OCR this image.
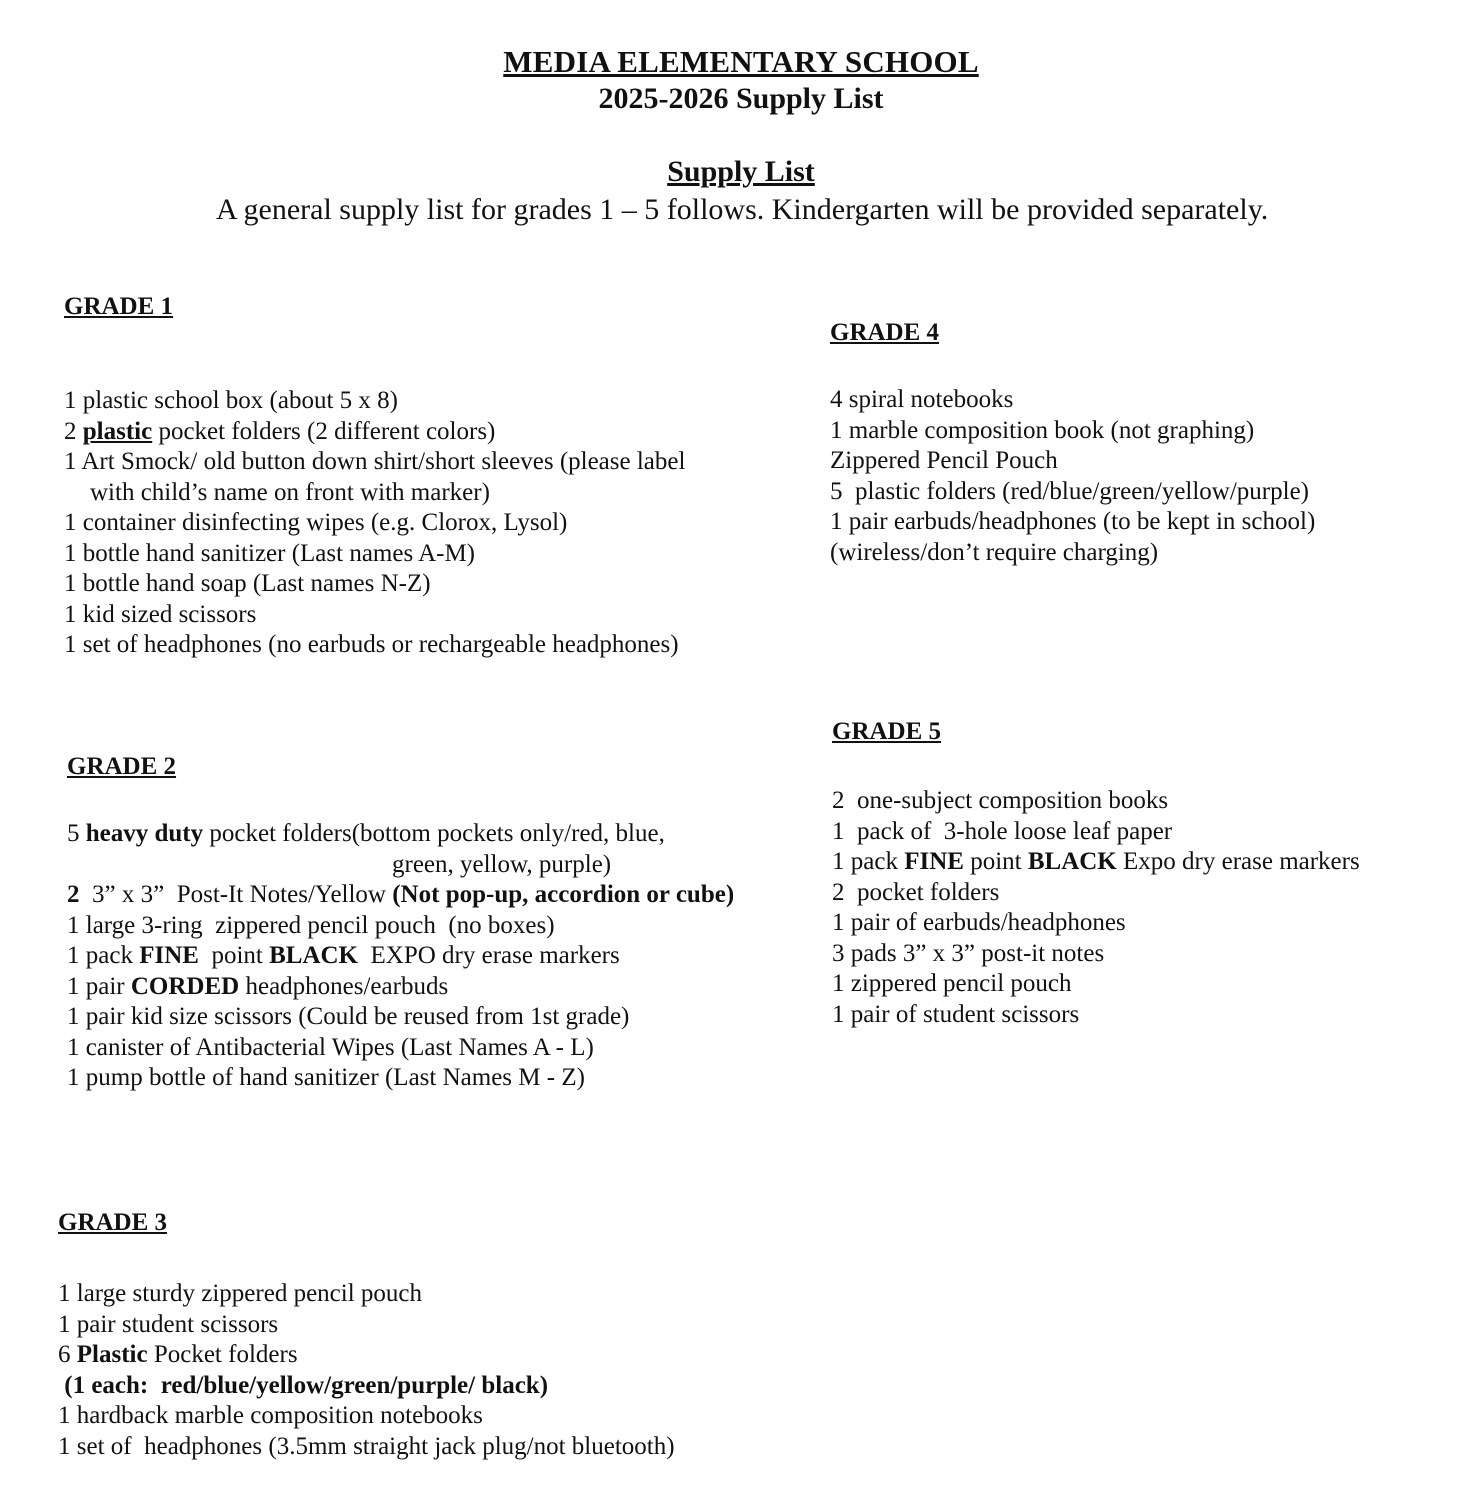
MEDIA ELEMENTARY SCHOOL
2025-2026 Supply List
Supply List
A general supply list for grades 1 – 5 follows. Kindergarten will be provided separately.
GRADE 1
1 plastic school box (about 5 x 8)
2 plastic pocket folders (2 different colors)
1 Art Smock/ old button down shirt/short sleeves (please label
with child’s name on front with marker)
1 container disinfecting wipes (e.g. Clorox, Lysol)
1 bottle hand sanitizer (Last names A-M)
1 bottle hand soap (Last names N-Z)
1 kid sized scissors
1 set of headphones (no earbuds or rechargeable headphones)
GRADE 2
5 heavy duty pocket folders(bottom pockets only/red, blue,
green, yellow, purple)
2  3” x 3”  Post-It Notes/Yellow (Not pop-up, accordion or cube)
1 large 3-ring  zippered pencil pouch  (no boxes)
1 pack FINE  point BLACK  EXPO dry erase markers
1 pair CORDED headphones/earbuds
1 pair kid size scissors (Could be reused from 1st grade)
1 canister of Antibacterial Wipes (Last Names A - L)
1 pump bottle of hand sanitizer (Last Names M - Z)
GRADE 3
1 large sturdy zippered pencil pouch
1 pair student scissors
6 Plastic Pocket folders
(1 each:  red/blue/yellow/green/purple/ black)
1 hardback marble composition notebooks
1 set of  headphones (3.5mm straight jack plug/not bluetooth)
GRADE 4
4 spiral notebooks
1 marble composition book (not graphing)
Zippered Pencil Pouch
5  plastic folders (red/blue/green/yellow/purple)
1 pair earbuds/headphones (to be kept in school)
(wireless/don’t require charging)
GRADE 5
2  one-subject composition books
1  pack of  3-hole loose leaf paper
1 pack FINE point BLACK Expo dry erase markers
2  pocket folders
1 pair of earbuds/headphones
3 pads 3” x 3” post-it notes
1 zippered pencil pouch
1 pair of student scissors
